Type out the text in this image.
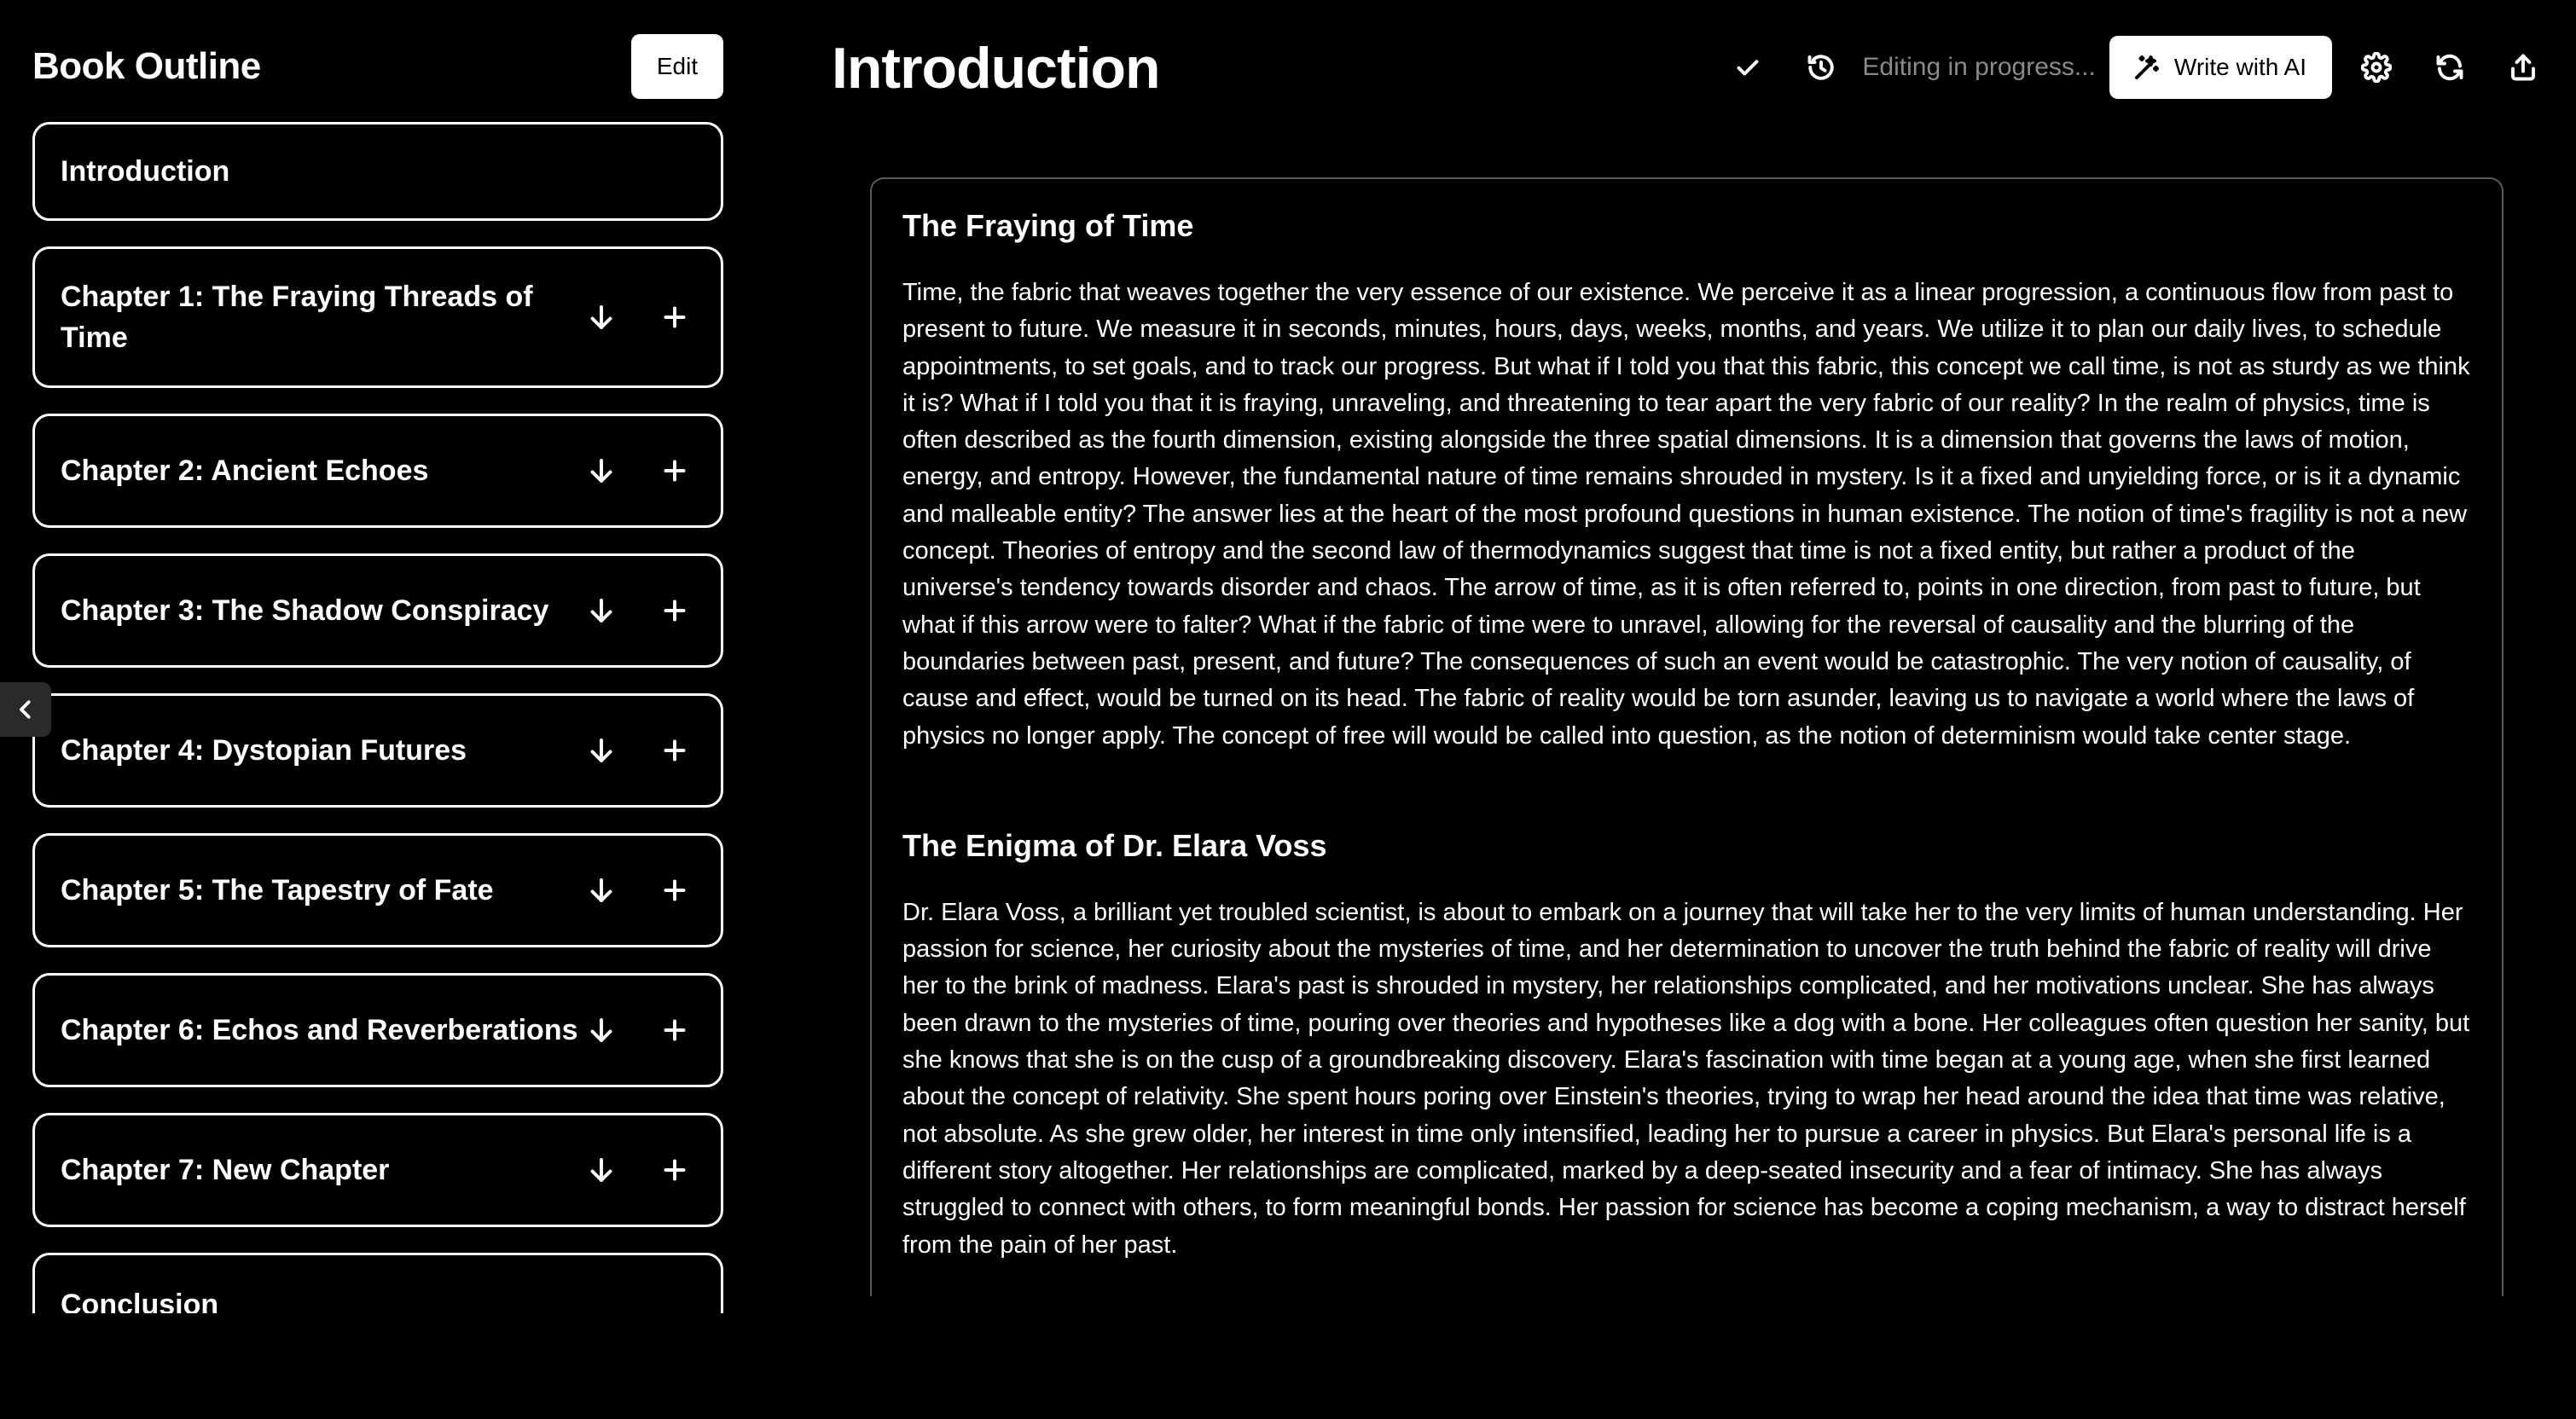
Book Outline	Edit
Introduction
Chapter 1: The Fraying Threads of Time
Chapter 2: Ancient Echoes
Chapter 3: The Shadow Conspiracy
Chapter 4: Dystopian Futures
Chapter 5: The Tapestry of Fate
Chapter 6: Echos and Reverberations
Chapter 7: New Chapter
Conclusion
Introduction	Editing in progress...	Write with AI
The Fraying of Time

Time, the fabric that weaves together the very essence of our existence. We perceive it as a linear progression, a continuous flow from past to present to future. We measure it in seconds, minutes, hours, days, weeks, months, and years. We utilize it to plan our daily lives, to schedule appointments, to set goals, and to track our progress. But what if I told you that this fabric, this concept we call time, is not as sturdy as we think it is? What if I told you that it is fraying, unraveling, and threatening to tear apart the very fabric of our reality? In the realm of physics, time is often described as the fourth dimension, existing alongside the three spatial dimensions. It is a dimension that governs the laws of motion, energy, and entropy. However, the fundamental nature of time remains shrouded in mystery. Is it a fixed and unyielding force, or is it a dynamic and malleable entity? The answer lies at the heart of the most profound questions in human existence. The notion of time's fragility is not a new concept. Theories of entropy and the second law of thermodynamics suggest that time is not a fixed entity, but rather a product of the universe's tendency towards disorder and chaos. The arrow of time, as it is often referred to, points in one direction, from past to future, but what if this arrow were to falter? What if the fabric of time were to unravel, allowing for the reversal of causality and the blurring of the boundaries between past, present, and future? The consequences of such an event would be catastrophic. The very notion of causality, of cause and effect, would be turned on its head. The fabric of reality would be torn asunder, leaving us to navigate a world where the laws of physics no longer apply. The concept of free will would be called into question, as the notion of determinism would take center stage.

The Enigma of Dr. Elara Voss

Dr. Elara Voss, a brilliant yet troubled scientist, is about to embark on a journey that will take her to the very limits of human understanding. Her passion for science, her curiosity about the mysteries of time, and her determination to uncover the truth behind the fabric of reality will drive her to the brink of madness. Elara's past is shrouded in mystery, her relationships complicated, and her motivations unclear. She has always been drawn to the mysteries of time, pouring over theories and hypotheses like a dog with a bone. Her colleagues often question her sanity, but she knows that she is on the cusp of a groundbreaking discovery. Elara's fascination with time began at a young age, when she first learned about the concept of relativity. She spent hours poring over Einstein's theories, trying to wrap her head around the idea that time was relative, not absolute. As she grew older, her interest in time only intensified, leading her to pursue a career in physics. But Elara's personal life is a different story altogether. Her relationships are complicated, marked by a deep-seated insecurity and a fear of intimacy. She has always struggled to connect with others, to form meaningful bonds. Her passion for science has become a coping mechanism, a way to distract herself from the pain of her past.
